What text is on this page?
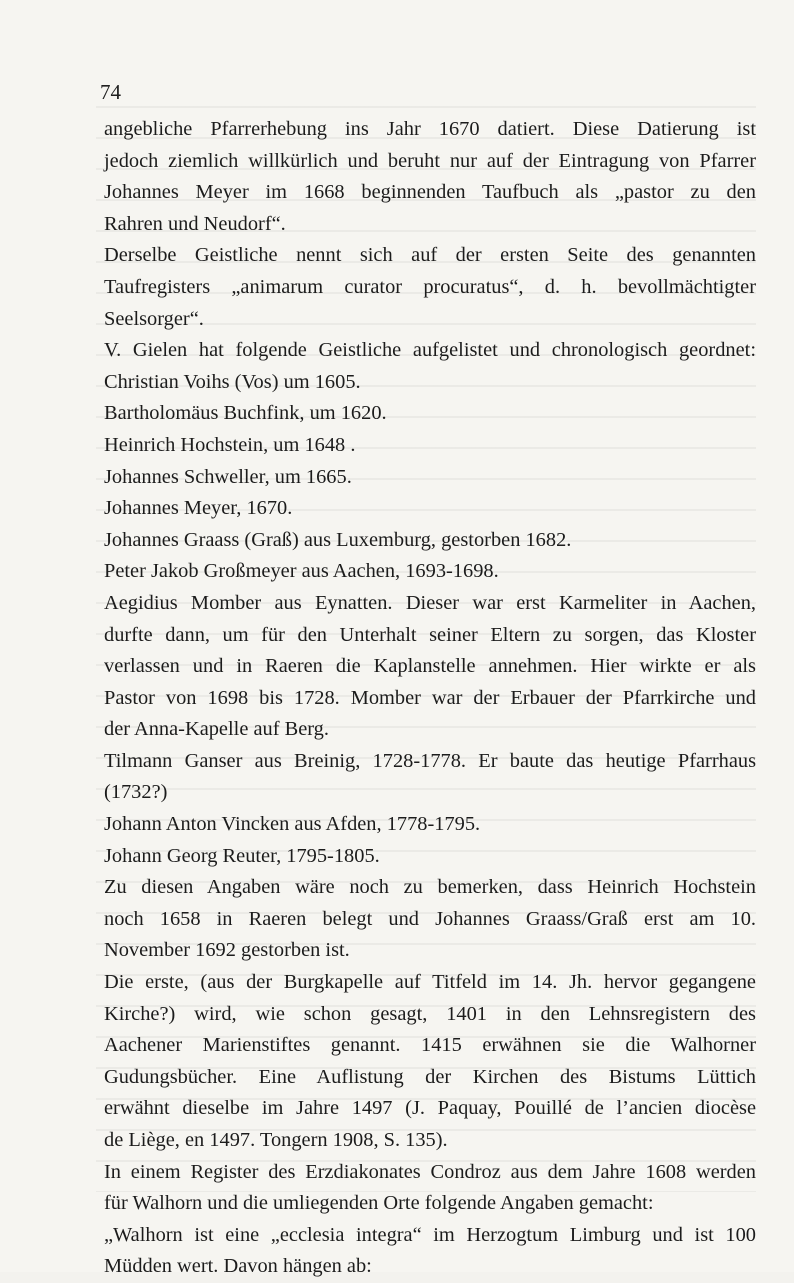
74
angebliche Pfarrerhebung ins Jahr 1670 datiert. Diese Datierung ist
jedoch ziemlich willkürlich und beruht nur auf der Eintragung von Pfarrer
Johannes Meyer im 1668 beginnenden Taufbuch als „pastor zu den
Rahren und Neudorf“.
Derselbe Geistliche nennt sich auf der ersten Seite des genannten
Taufregisters „animarum curator procuratus“, d. h. bevollmächtigter
Seelsorger“.
V. Gielen hat folgende Geistliche aufgelistet und chronologisch geordnet:
Christian Voihs (Vos) um 1605.
Bartholomäus Buchfink, um 1620.
Heinrich Hochstein, um 1648 .
Johannes Schweller, um 1665.
Johannes Meyer, 1670.
Johannes Graass (Graß) aus Luxemburg, gestorben 1682.
Peter Jakob Großmeyer aus Aachen, 1693-1698.
Aegidius Momber aus Eynatten. Dieser war erst Karmeliter in Aachen,
durfte dann, um für den Unterhalt seiner Eltern zu sorgen, das Kloster
verlassen und in Raeren die Kaplanstelle annehmen. Hier wirkte er als
Pastor von 1698 bis 1728. Momber war der Erbauer der Pfarrkirche und
der Anna-Kapelle auf Berg.
Tilmann Ganser aus Breinig, 1728-1778. Er baute das heutige Pfarrhaus
(1732?)
Johann Anton Vincken aus Afden, 1778-1795.
Johann Georg Reuter, 1795-1805.
Zu diesen Angaben wäre noch zu bemerken, dass Heinrich Hochstein
noch 1658 in Raeren belegt und Johannes Graass/Graß erst am 10.
November 1692 gestorben ist.
Die erste, (aus der Burgkapelle auf Titfeld im 14. Jh. hervor gegangene
Kirche?) wird, wie schon gesagt, 1401 in den Lehnsregistern des
Aachener Marienstiftes genannt. 1415 erwähnen sie die Walhorner
Gudungsbücher. Eine Auflistung der Kirchen des Bistums Lüttich
erwähnt dieselbe im Jahre 1497 (J. Paquay, Pouillé de l’ancien diocèse
de Liège, en 1497. Tongern 1908, S. 135).
In einem Register des Erzdiakonates Condroz aus dem Jahre 1608 werden
für Walhorn und die umliegenden Orte folgende Angaben gemacht:
„Walhorn ist eine „ecclesia integra“ im Herzogtum Limburg und ist 100
Müdden wert. Davon hängen ab:
